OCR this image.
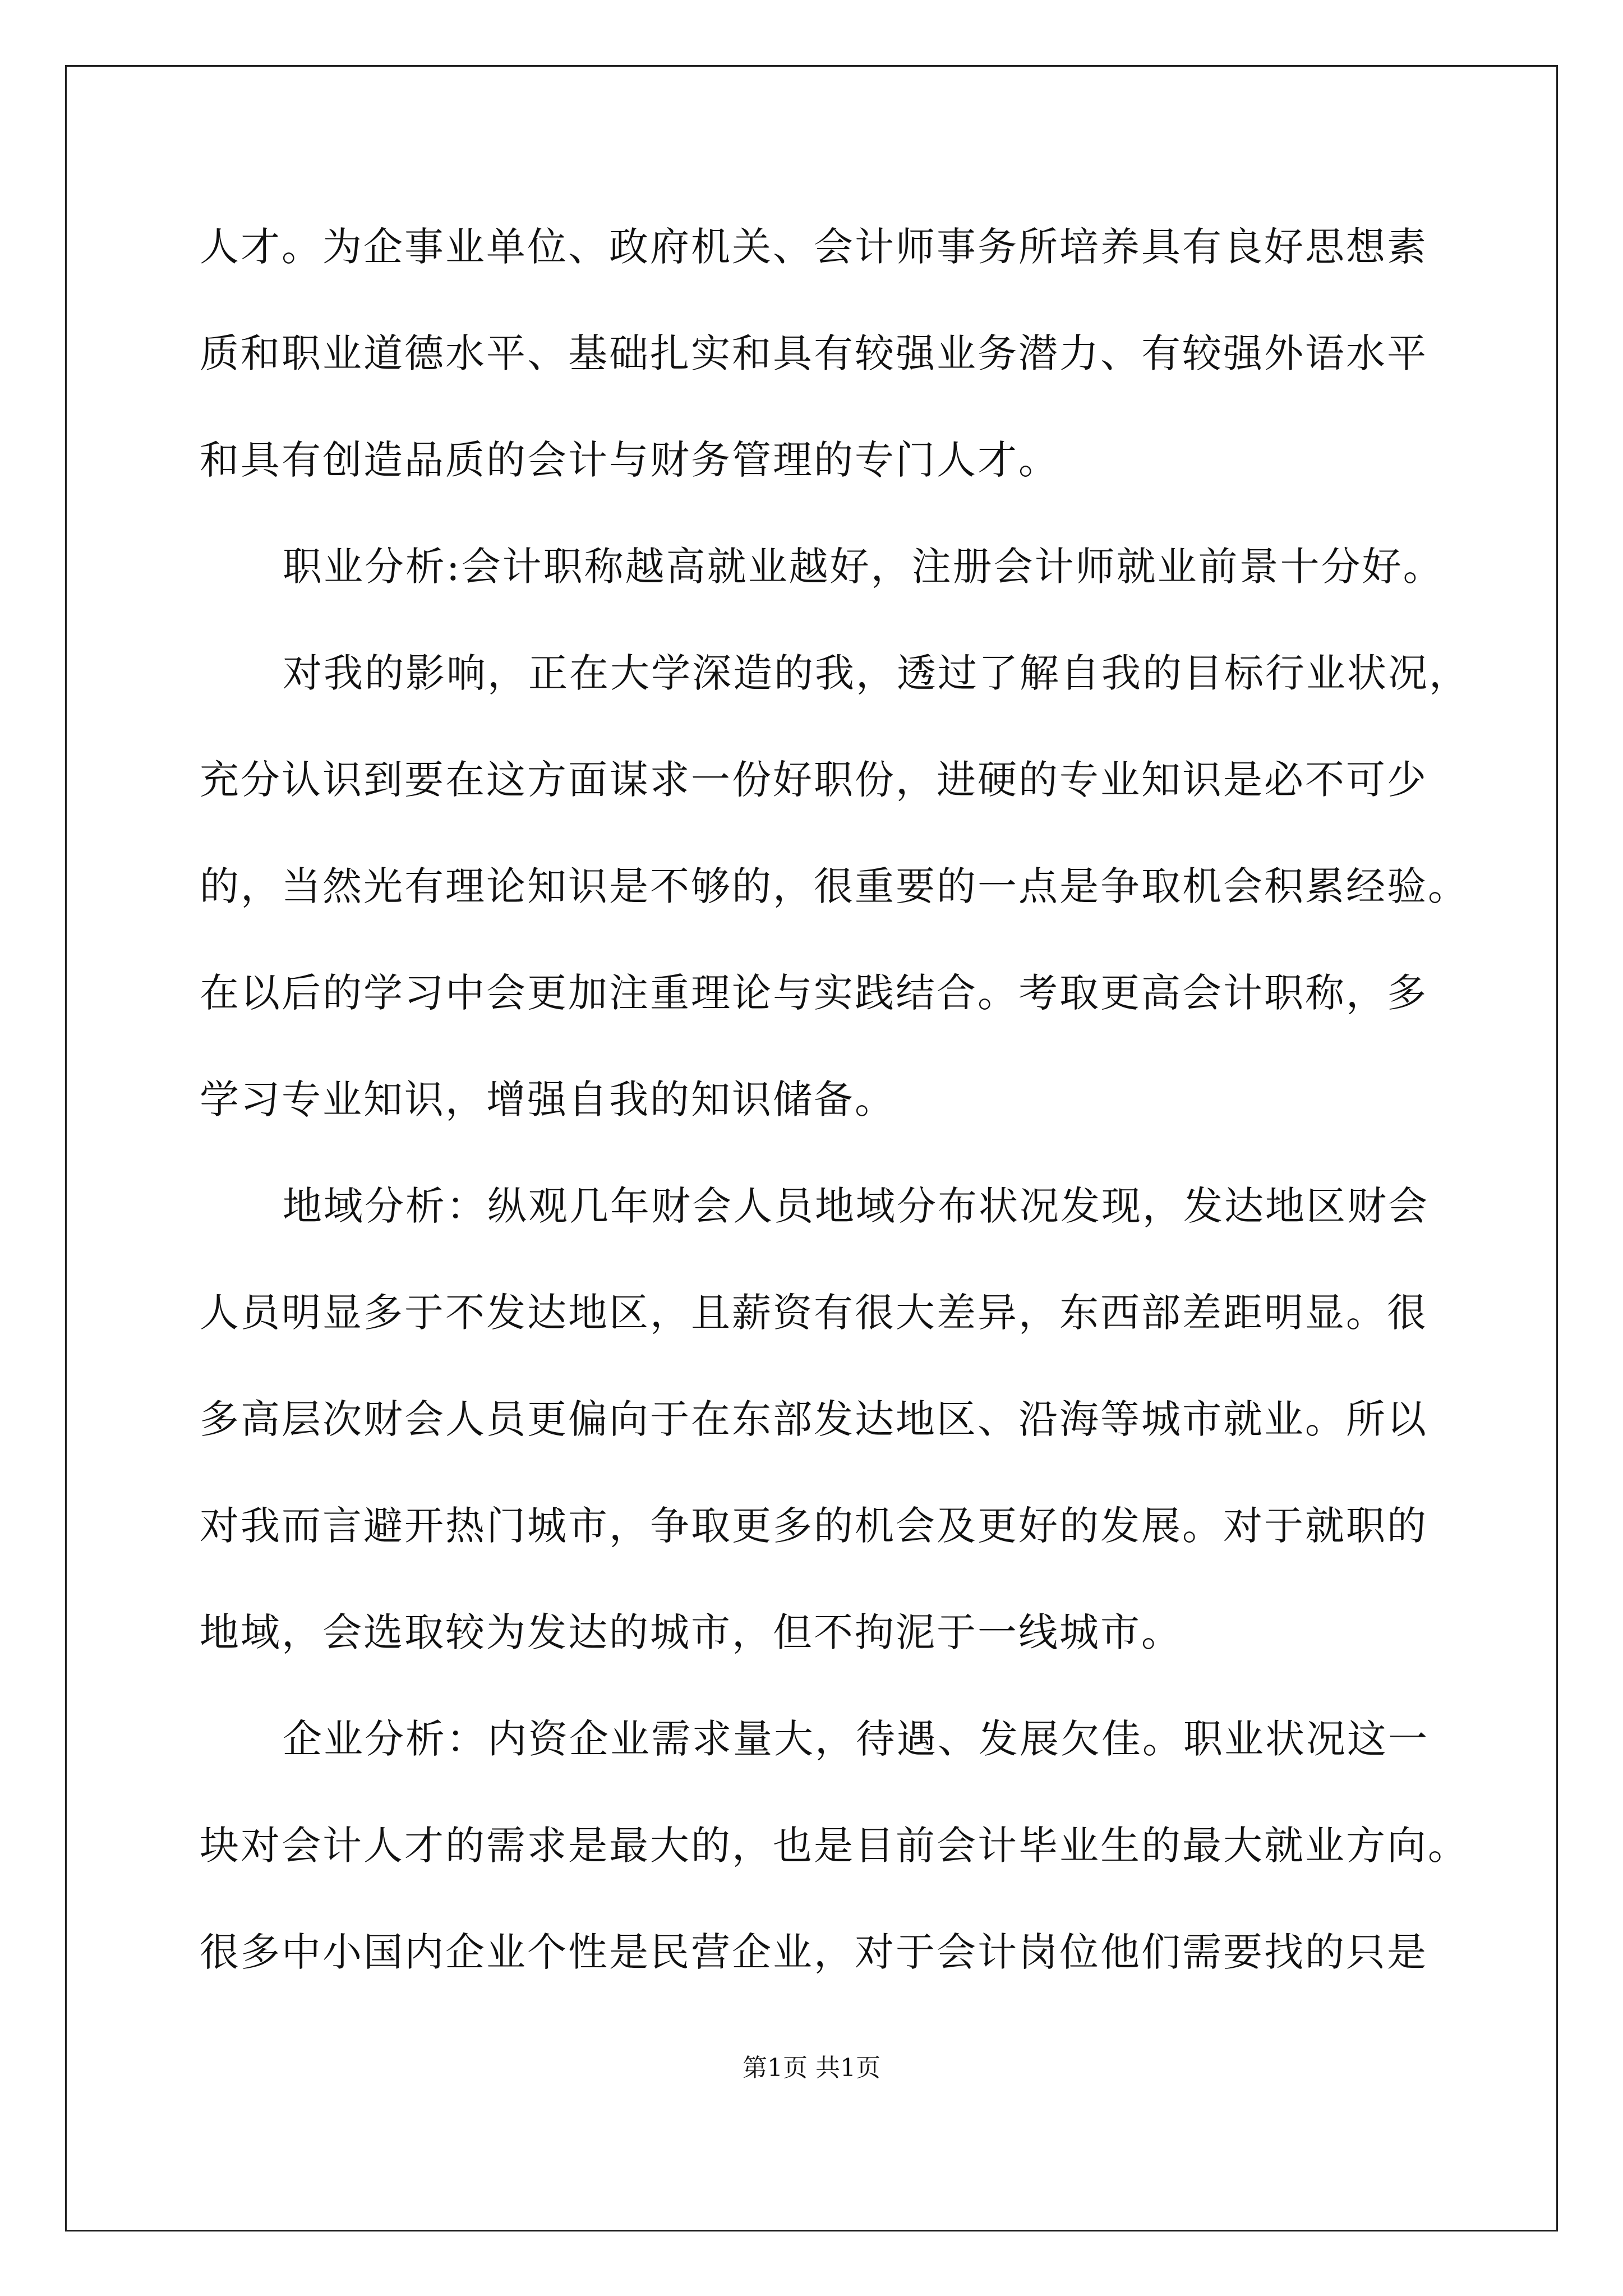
人才。为企事业单位、政府机关、会计师事务所培养具有良好思想素
质和职业道德水平、基础扎实和具有较强业务潜力、有较强外语水平
和具有创造品质的会计与财务管理的专门人才。
职业分析:会计职称越高就业越好，注册会计师就业前景十分好。
对我的影响，正在大学深造的我，透过了解自我的目标行业状况，
充分认识到要在这方面谋求一份好职份，进硬的专业知识是必不可少
的，当然光有理论知识是不够的，很重要的一点是争取机会积累经验。
在以后的学习中会更加注重理论与实践结合。考取更高会计职称，多
学习专业知识，增强自我的知识储备。
地域分析：纵观几年财会人员地域分布状况发现，发达地区财会
人员明显多于不发达地区，且薪资有很大差异，东西部差距明显。很
多高层次财会人员更偏向于在东部发达地区、沿海等城市就业。所以
对我而言避开热门城市，争取更多的机会及更好的发展。对于就职的
地域，会选取较为发达的城市，但不拘泥于一线城市。
企业分析：内资企业需求量大，待遇、发展欠佳。职业状况这一
块对会计人才的需求是最大的，也是目前会计毕业生的最大就业方向。
很多中小国内企业个性是民营企业，对于会计岗位他们需要找的只是
第1页 共1页
